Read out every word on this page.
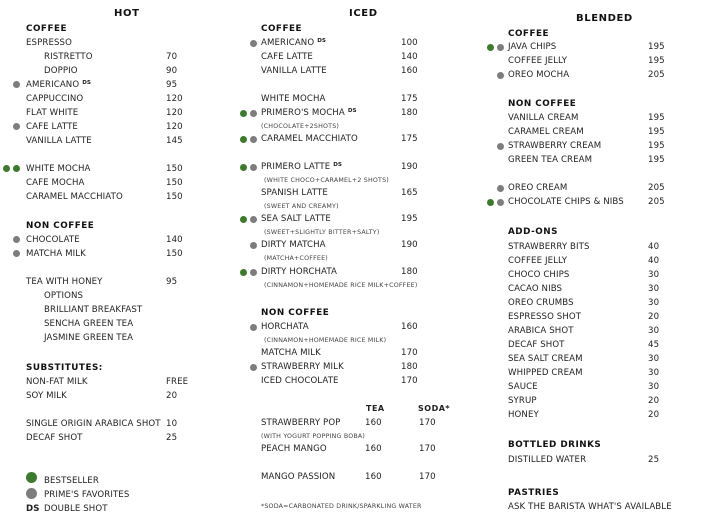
HOT
COFFEE
ESPRESSO
RISTRETTO	70
DOPPIO	90
AMERICANO $^{DS}$	95
CAPPUCCINO	120
FLAT WHITE	120
CAFE LATTE	120
VANILLA LATTE	145
WHITE MOCHA	150
CAFE MOCHA	150
CARAMEL MACCHIATO	150
NON COFFEE
CHOCOLATE	140
MATCHA MILK	150
TEA WITH HONEY	95
OPTIONS
BRILLIANT BREAKFAST
SENCHA GREEN TEA
JASMINE GREEN TEA
SUBSTITUTES:
NON-FAT MILK	FREE
SOY MILK	20
SINGLE ORIGIN ARABICA SHOT 10
DECAF SHOT	25
BESTSELLER
PRIME'S FAVORITES
DS DOUBLE SHOT
ICED
COFFEE
AMERICANO $^{DS}$	100
CAFE LATTE	140
VANILLA LATTE	160
WHITE MOCHA	175
PRIMERO'S MOCHA $^{DS}$	180
(CHOCOLATE+2SHOTS)
CARAMEL MACCHIATO	175
PRIMERO LATTE $^{DS}$	190
(WHITE CHOCO+CARAMEL+2 SHOTS)
SPANISH LATTE	165
(SWEET AND CREAMY)
SEA SALT LATTE	195
(SWEET+SLIGHTLY BITTER+SALTY)
DIRTY MATCHA	190
(MATCHA+COFFEE)
DIRTY HORCHATA	180
(CINNAMON+HOMEMADE RICE MILK+COFFEE)
NON COFFEE
HORCHATA	160
(CINNAMON+HOMEMADE RICE MILK)
MATCHA MILK	170
STRAWBERRY MILK	180
ICED CHOCOLATE	170
TEA	SODA*
STRAWBERRY POP	160	170
(WITH YOGURT POPPING BOBA)
PEACH MANGO	160	170
MANGO PASSION	160	170
*SODA=CARBONATED DRINK/SPARKLING WATER
BLENDED
COFFEE
JAVA CHIPS	195
COFFEE JELLY	195
OREO MOCHA	205
NON COFFEE
VANILLA CREAM	195
CARAMEL CREAM	195
STRAWBERRY CREAM	195
GREEN TEA CREAM	195
OREO CREAM	205
CHOCOLATE CHIPS & NIBS	205
ADD-ONS
STRAWBERRY BITS	40
COFFEE JELLY	40
CHOCO CHIPS	30
CACAO NIBS	30
OREO CRUMBS	30
ESPRESSO SHOT	20
ARABICA SHOT	30
DECAF SHOT	45
SEA SALT CREAM	30
WHIPPED CREAM	30
SAUCE	30
SYRUP	20
HONEY	20
BOTTLED DRINKS
DISTILLED WATER	25
PASTRIES
ASK THE BARISTA WHAT'S AVAILABLE
